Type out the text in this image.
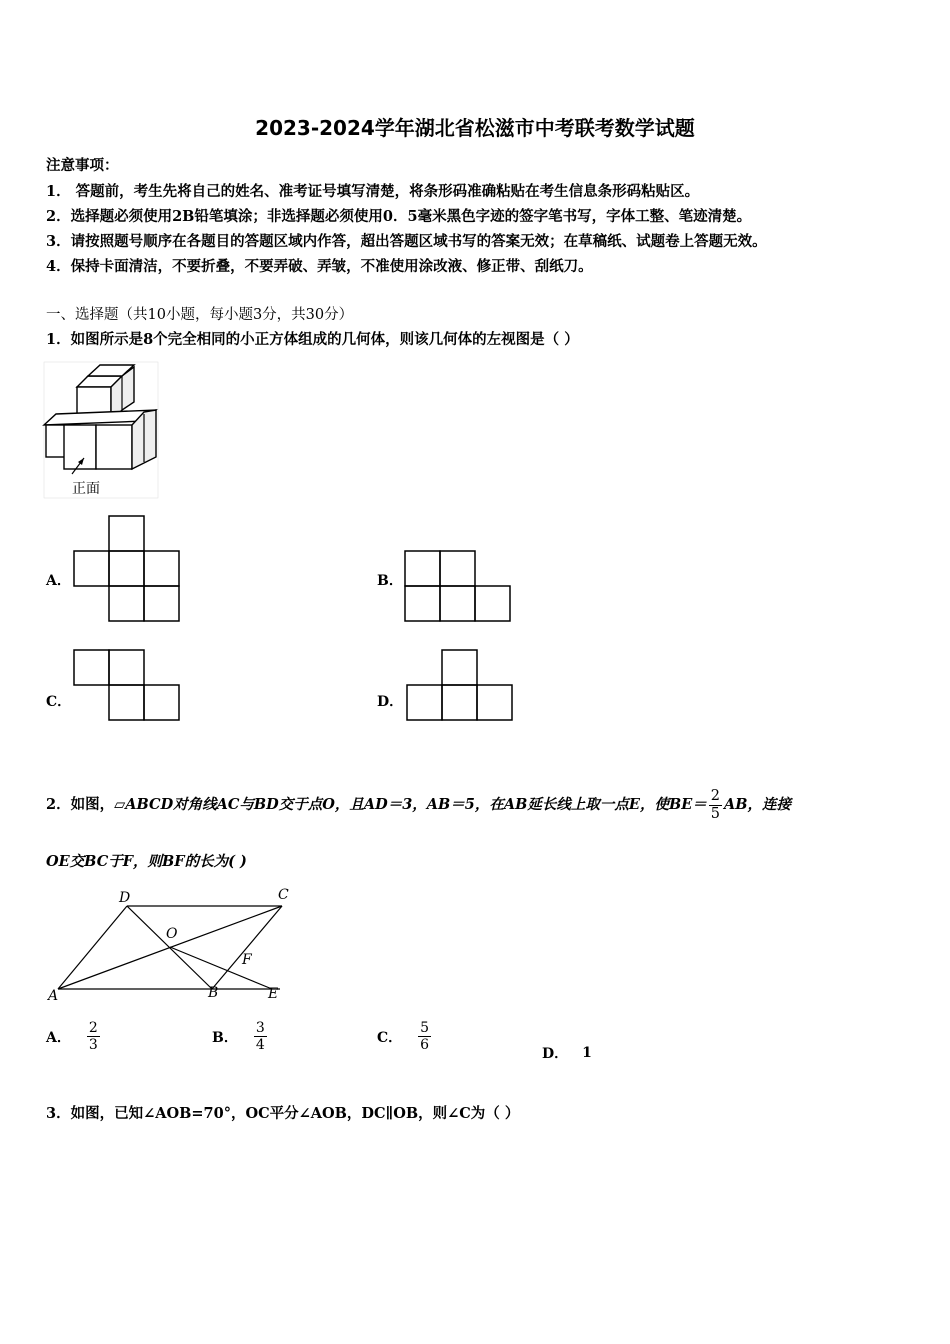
2023-2024学年湖北省松滋市中考联考数学试题
注意事项：
1． 答题前，考生先将自己的姓名、准考证号填写清楚，将条形码准确粘贴在考生信息条形码粘贴区。
2．选择题必须使用2B铅笔填涂；非选择题必须使用0．5毫米黑色字迹的签字笔书写，字体工整、笔迹清楚。
3．请按照题号顺序在各题目的答题区域内作答，超出答题区域书写的答案无效；在草稿纸、试题卷上答题无效。
4．保持卡面清洁，不要折叠，不要弄破、弄皱，不准使用涂改液、修正带、刮纸刀。
一、选择题（共10小题，每小题3分，共30分）
1．如图所示是8个完全相同的小正方体组成的几何体，则该几何体的左视图是（ ）
正面
A．	B．
C．	D．
2．如图，▱ABCD对角线AC与BD交于点O，且AD＝3，AB＝5，在AB延长线上取一点E，使$BE= \frac{2}{5}$ AB，连接
OE交BC于F，则BF的长为( )
D	C
O
F
A	B	E
A． $\frac{2}{3}$	B． $\frac{3}{4}$	C． $\frac{5}{6}$
D． 1
3．如图，已知∠AOB=70°，OC平分∠AOB，DC∥OB，则∠C为（ ）
